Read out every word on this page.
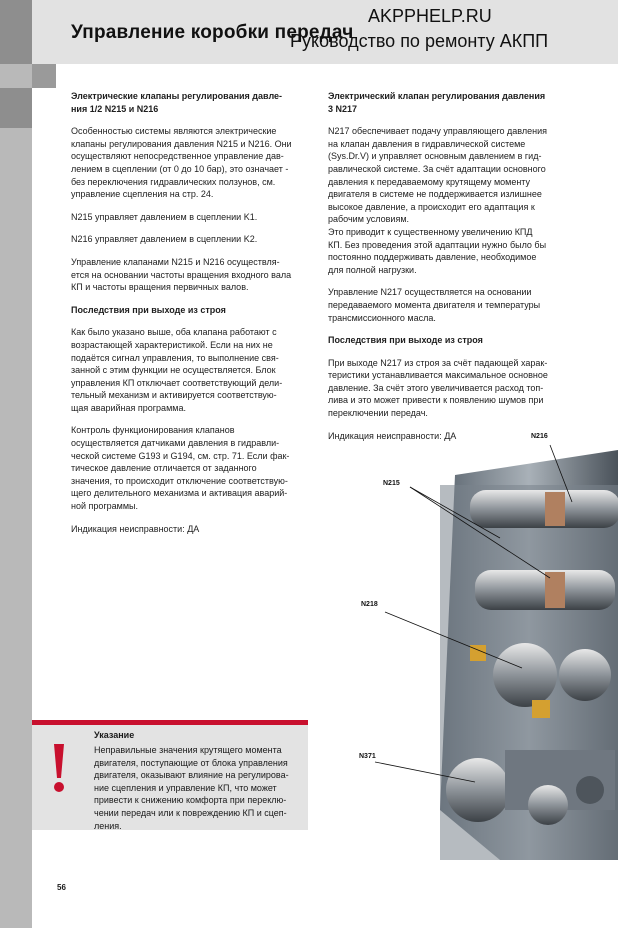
Управление коробки передач
AKPPHELP.RU
Руководство по ремонту АКПП
Электрические клапаны регулирования давле-
ния 1/2 N215 и N216

Особенностью системы являются электрические
клапаны регулирования давления N215 и N216. Они
осуществляют непосредственное управление дав-
лением в сцеплении (от 0 до 10 бар), это означает -
без переключения гидравлических ползунов, см.
управление сцепления на стр. 24.

N215 управляет давлением в сцеплении K1.

N216 управляет давлением в сцеплении K2.

Управление клапанами N215 и N216 осуществля-
ется на основании частоты вращения входного вала
КП и частоты вращения первичных валов.

Последствия при выходе из строя

Как было указано выше, оба клапана работают с
возрастающей характеристикой. Если на них не
подаётся сигнал управления, то выполнение свя-
занной с этим функции не осуществляется. Блок
управления КП отключает соответствующий дели-
тельный механизм и активируется соответствую-
щая аварийная программа.

Контроль функционирования клапанов
осуществляется датчиками давления в гидравли-
ческой системе G193 и G194, см. стр. 71. Если фак-
тическое давление отличается от заданного
значения, то происходит отключение соответствую-
щего делительного механизма и активация аварий-
ной программы.

Индикация неисправности: ДА

Электрический клапан регулирования давления
3 N217

N217 обеспечивает подачу управляющего давления
на клапан давления в гидравлической системе
(Sys.Dr.V) и управляет основным давлением в гид-
равлической системе. За счёт адаптации основного
давления к передаваемому крутящему моменту
двигателя в системе не поддерживается излишнее
высокое давление, а происходит его адаптация к
рабочим условиям.
Это приводит к существенному увеличению КПД
КП. Без проведения этой адаптации нужно было бы
постоянно поддерживать давление, необходимое
для полной нагрузки.

Управление N217 осуществляется на основании
передаваемого момента двигателя и температуры
трансмиссионного масла.

Последствия при выходе из строя

При выходе N217 из строя за счёт падающей харак-
теристики устанавливается максимальное основное
давление. За счёт этого увеличивается расход топ-
лива и это может привести к появлению шумов при
переключении передач.

Индикация неисправности: ДА	N216
N215
N218
N371
Указание
Неправильные значения крутящего момента
двигателя, поступающие от блока управления
двигателя, оказывают влияние на регулирова-
ние сцепления и управление КП, что может
привести к снижению комфорта при переклю-
чении передач или к повреждению КП и сцеп-
ления.
56
